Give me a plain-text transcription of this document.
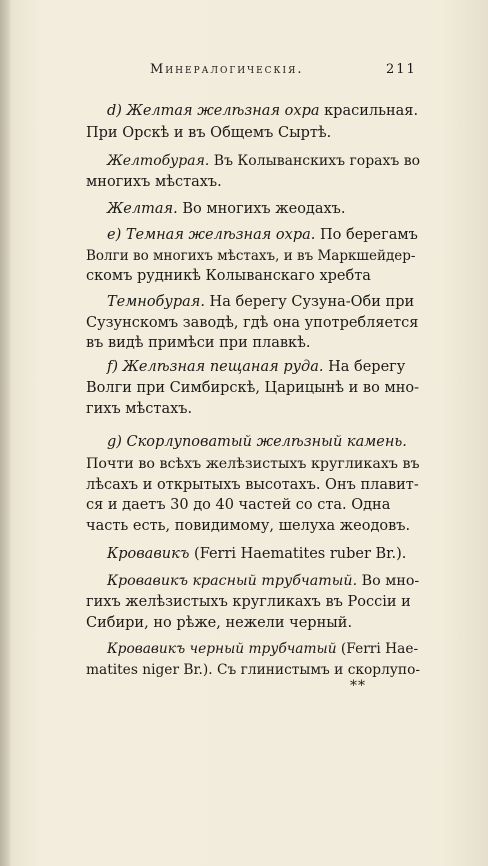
Минералогическія.	211
d) Желтая желѣзная охра красильная.
При Орскѣ и въ Общемъ Сыртѣ.
Желтобурая. Въ Колыванскихъ горахъ во
многихъ мѣстахъ.
Желтая. Во многихъ жеодахъ.
e) Темная желѣзная охра. По берегамъ
Волги во многихъ мѣстахъ, и въ Маркшейдер-
скомъ рудникѣ Колыванскаго хребта
Темнобурая. На берегу Сузуна-Оби при
Сузунскомъ заводѣ, гдѣ она употребляется
въ видѣ примѣси при плавкѣ.
f) Желѣзная пещаная руда. На берегу
Волги при Симбирскѣ, Царицынѣ и во мно-
гихъ мѣстахъ.
g) Скорлуповатый желѣзный камень.
Почти во всѣхъ желѣзистыхъ кругликахъ въ
лѣсахъ и открытыхъ высотахъ. Онъ плавит-
ся и даетъ 30 до 40 частей со ста. Одна
часть есть, повидимому, шелуха жеодовъ.
Кровавикъ (Ferri Haematites ruber Br.).
Кровавикъ красный трубчатый. Во мно-
гихъ желѣзистыхъ кругликахъ въ Россіи и
Сибири, но рѣже, нежели черный.
Кровавикъ черный трубчатый (Ferri Hae-
matites niger Br.). Съ глинистымъ и скорлупо-
**
